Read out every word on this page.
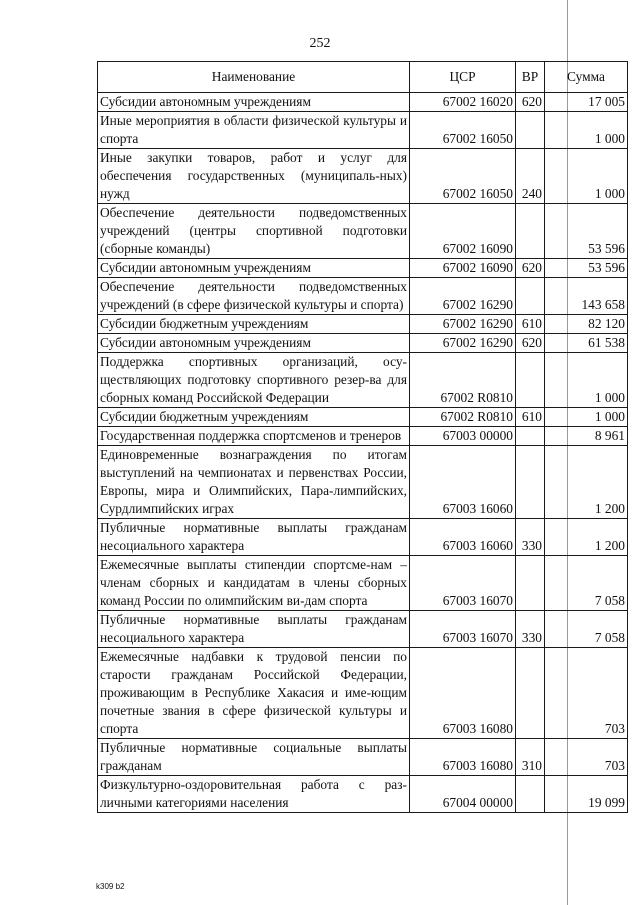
252
Наименование	ЦСР	ВР	Сумма
Субсидии автономным учреждениям	67002 16020	620	17 005
Иные мероприятия в области физической культуры и спорта	67002 16050		1 000
Иные закупки товаров, работ и услуг для обеспечения государственных (муниципаль-ных) нужд	67002 16050	240	1 000
Обеспечение деятельности подведомственных учреждений (центры спортивной подготовки (сборные команды)	67002 16090		53 596
Субсидии автономным учреждениям	67002 16090	620	53 596
Обеспечение деятельности подведомственных учреждений (в сфере физической культуры и спорта)	67002 16290		143 658
Субсидии бюджетным учреждениям	67002 16290	610	82 120
Субсидии автономным учреждениям	67002 16290	620	61 538
Поддержка спортивных организаций, осу-ществляющих подготовку спортивного резер-ва для сборных команд Российской Федерации	67002 R0810		1 000
Субсидии бюджетным учреждениям	67002 R0810	610	1 000
Государственная поддержка спортсменов и тренеров	67003 00000		8 961
Единовременные вознаграждения по итогам выступлений на чемпионатах и первенствах России, Европы, мира и Олимпийских, Пара-лимпийских, Сурдлимпийских играх	67003 16060		1 200
Публичные нормативные выплаты гражданам несоциального характера	67003 16060	330	1 200
Ежемесячные выплаты стипендии спортсме-нам – членам сборных и кандидатам в члены сборных команд России по олимпийским ви-дам спорта	67003 16070		7 058
Публичные нормативные выплаты гражданам несоциального характера	67003 16070	330	7 058
Ежемесячные надбавки к трудовой пенсии по старости гражданам Российской Федерации, проживающим в Республике Хакасия и име-ющим почетные звания в сфере физической культуры и спорта	67003 16080		703
Публичные нормативные социальные выплаты гражданам	67003 16080	310	703
Физкультурно-оздоровительная работа с раз-личными категориями населения	67004 00000		19 099
k309 b2
